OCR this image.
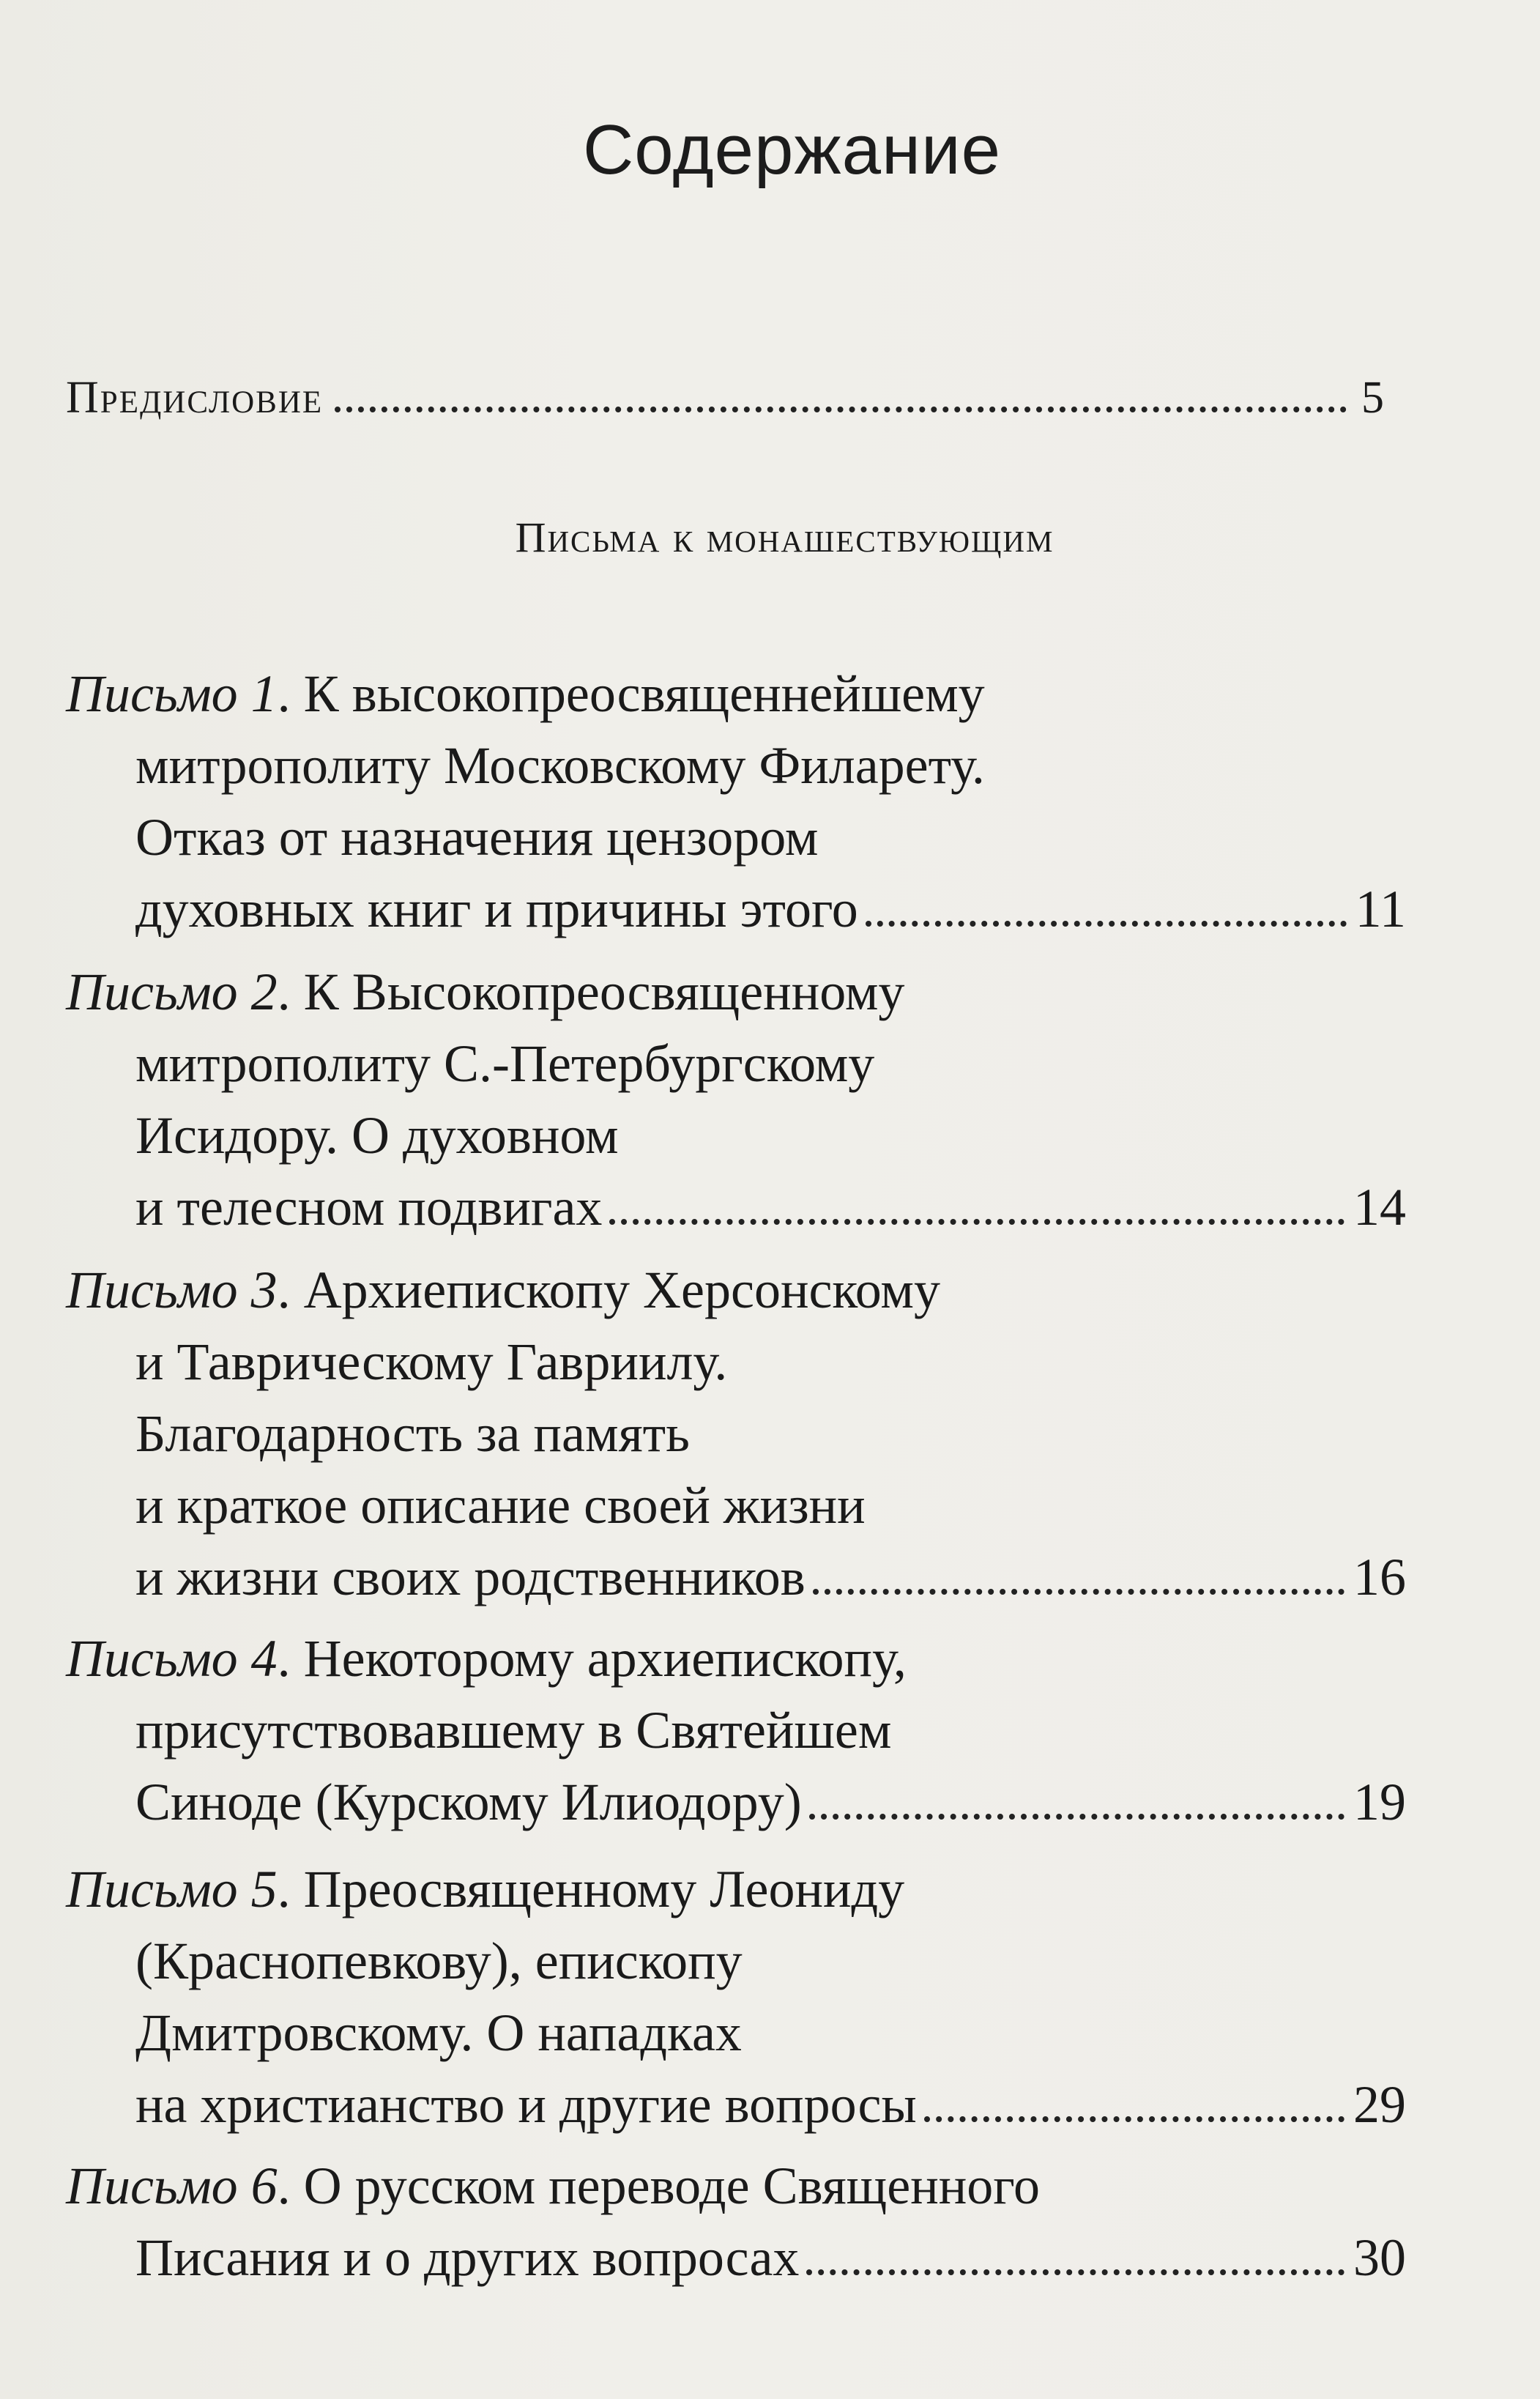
Содержание
Предисловие	5
Письма к монашествующим
Письмо 1. К высокопреосвященнейшему
митрополиту Московскому Филарету.
Отказ от назначения цензором
духовных книг и причины этого	11
Письмо 2. К Высокопреосвященному
митрополиту С.-Петербургскому
Исидору. О духовном
и телесном подвигах	14
Письмо 3. Архиепископу Херсонскому
и Таврическому Гавриилу.
Благодарность за память
и краткое описание своей жизни
и жизни своих родственников	16
Письмо 4. Некоторому архиепископу,
присутствовавшему в Святейшем
Синоде (Курскому Илиодору)	19
Письмо 5. Преосвященному Леониду
(Краснопевкову), епископу
Дмитровскому. О нападках
на христианство и другие вопросы	29
Письмо 6. О русском переводе Священного
Писания и о других вопросах	30
